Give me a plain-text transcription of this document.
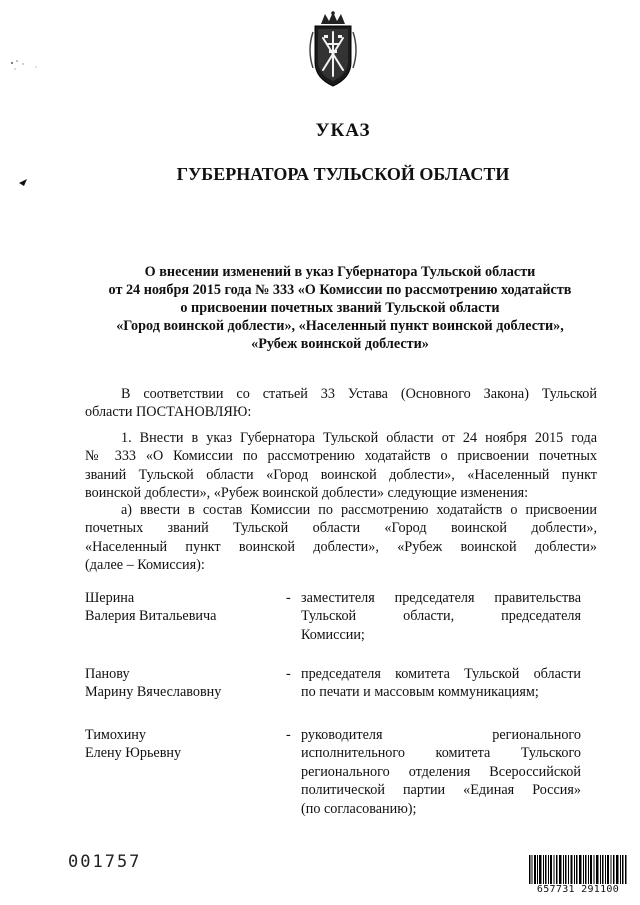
УКАЗ
ГУБЕРНАТОРА ТУЛЬСКОЙ ОБЛАСТИ
О внесении изменений в указ Губернатора Тульской области
от 24 ноября 2015 года № 333 «О Комиссии по рассмотрению ходатайств
о присвоении почетных званий Тульской области
«Город воинской доблести», «Населенный пункт воинской доблести»,
«Рубеж воинской доблести»
В соответствии со статьей 33 Устава (Основного Закона) Тульской
области ПОСТАНОВЛЯЮ:
1. Внести в указ Губернатора Тульской области от 24 ноября 2015 года
№ 333 «О Комиссии по рассмотрению ходатайств о присвоении почетных
званий Тульской области «Город воинской доблести», «Населенный пункт
воинской доблести», «Рубеж воинской доблести» следующие изменения:
а) ввести в состав Комиссии по рассмотрению ходатайств о присвоении
почетных званий Тульской области «Город воинской доблести»,
«Населенный пункт воинской доблести», «Рубеж воинской доблести»
(далее – Комиссия):
Шерина
Валерия Витальевича
- заместителя председателя правительства
Тульской области, председателя
Комиссии;
Панову
Марину Вячеславовну
- председателя комитета Тульской области
по печати и массовым коммуникациям;
Тимохину
Елену Юрьевну
- руководителя регионального
исполнительного комитета Тульского
регионального отделения Всероссийской
политической партии «Единая Россия»
(по согласованию);
001757
657731 291100
